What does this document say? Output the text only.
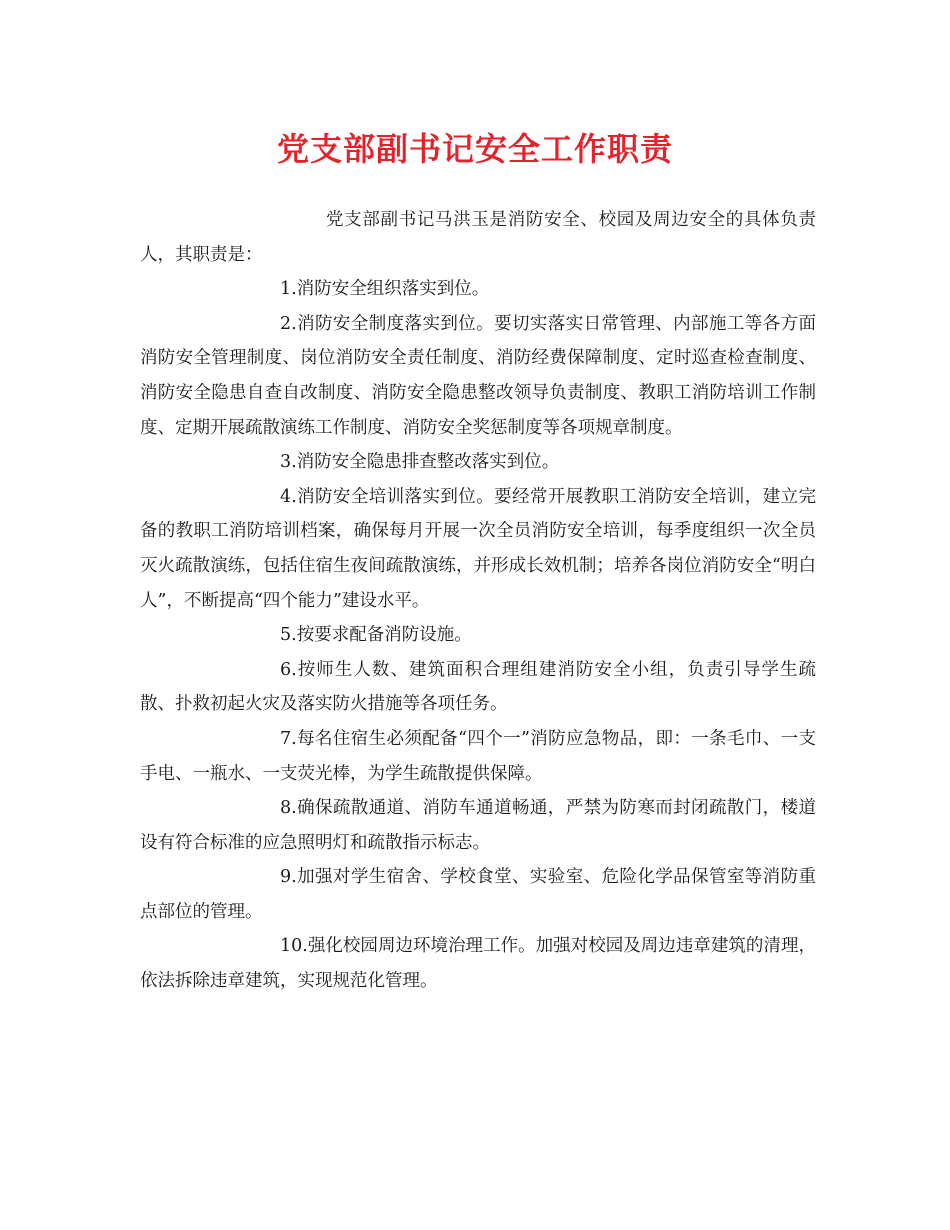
党支部副书记安全工作职责

党支部副书记马洪玉是消防安全、校园及周边安全的具体负责人，其职责是：

1.消防安全组织落实到位。

2.消防安全制度落实到位。要切实落实日常管理、内部施工等各方面消防安全管理制度、岗位消防安全责任制度、消防经费保障制度、定时巡查检查制度、消防安全隐患自查自改制度、消防安全隐患整改领导负责制度、教职工消防培训工作制度、定期开展疏散演练工作制度、消防安全奖惩制度等各项规章制度。

3.消防安全隐患排查整改落实到位。

4.消防安全培训落实到位。要经常开展教职工消防安全培训，建立完备的教职工消防培训档案，确保每月开展一次全员消防安全培训，每季度组织一次全员灭火疏散演练，包括住宿生夜间疏散演练，并形成长效机制；培养各岗位消防安全“明白人”，不断提高“四个能力”建设水平。

5.按要求配备消防设施。

6.按师生人数、建筑面积合理组建消防安全小组，负责引导学生疏散、扑救初起火灾及落实防火措施等各项任务。

7.每名住宿生必须配备“四个一”消防应急物品，即：一条毛巾、一支手电、一瓶水、一支荧光棒，为学生疏散提供保障。

8.确保疏散通道、消防车通道畅通，严禁为防寒而封闭疏散门，楼道设有符合标准的应急照明灯和疏散指示标志。

9.加强对学生宿舍、学校食堂、实验室、危险化学品保管室等消防重点部位的管理。

10.强化校园周边环境治理工作。加强对校园及周边违章建筑的清理，依法拆除违章建筑，实现规范化管理。
